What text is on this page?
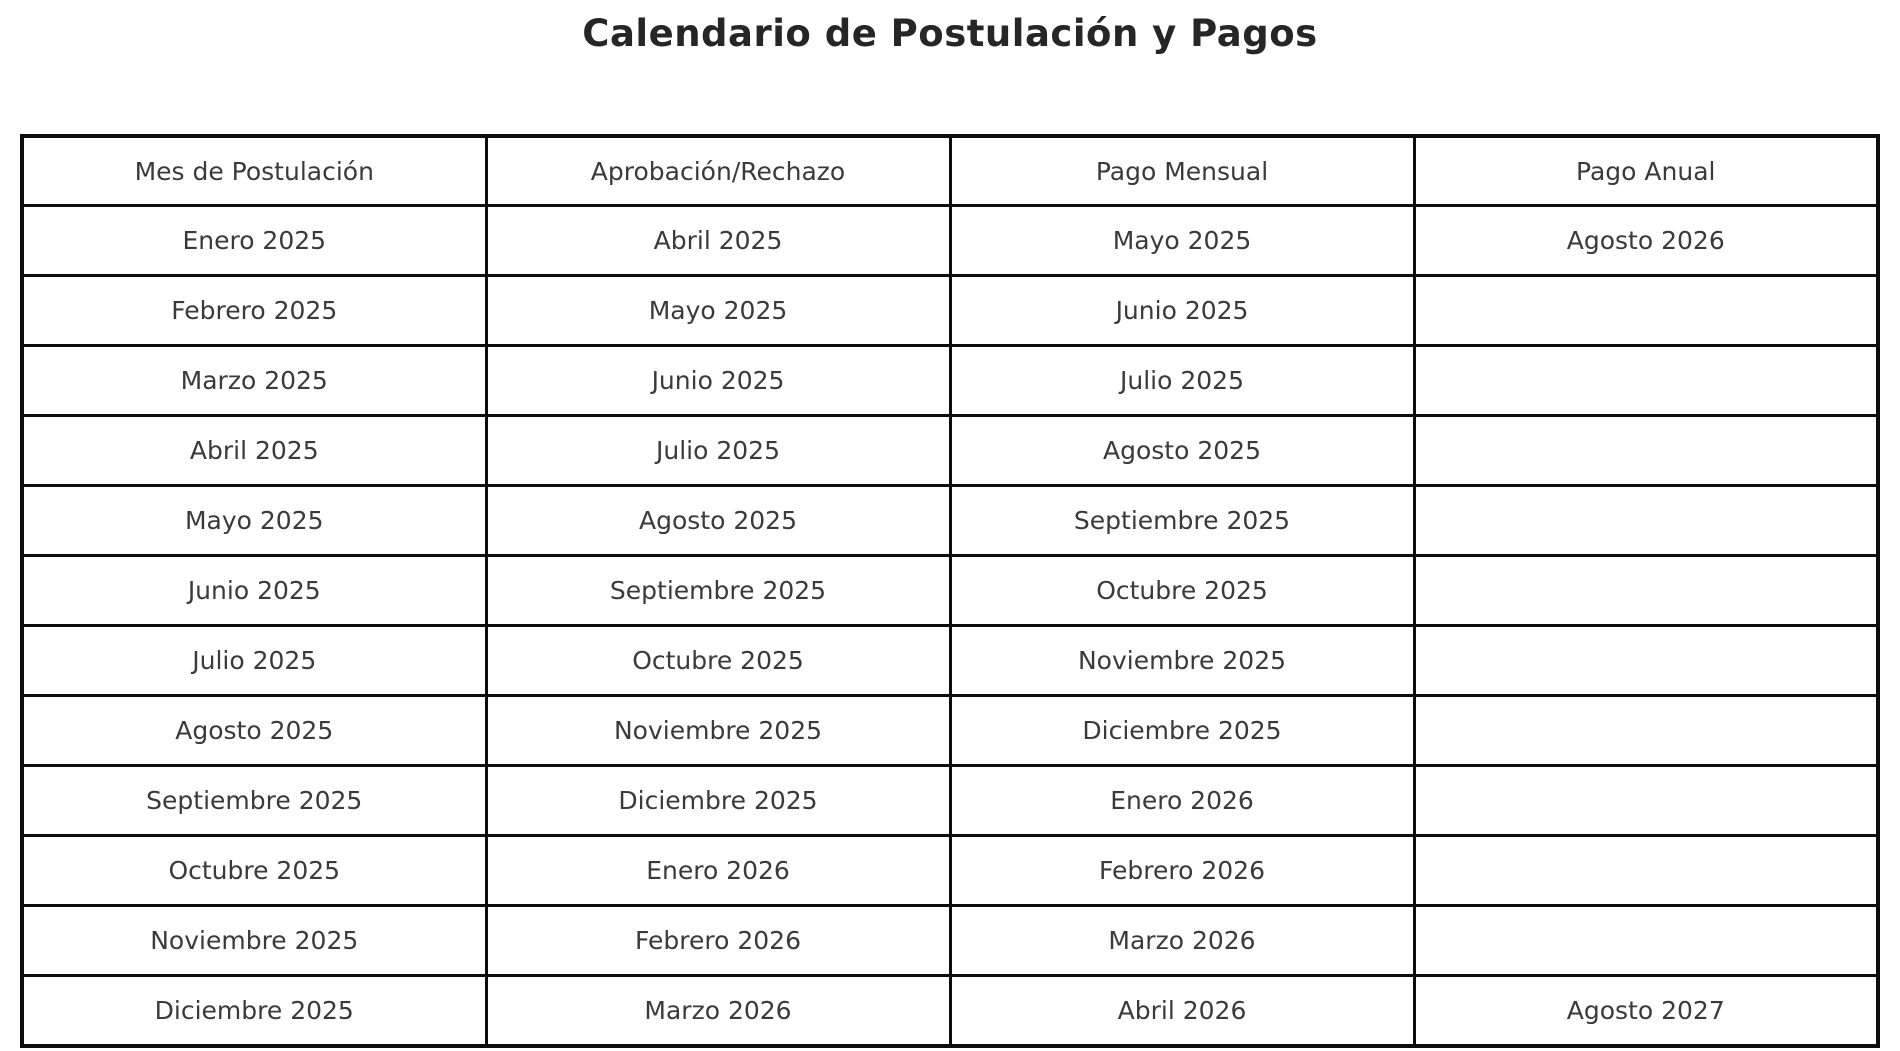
Calendario de Postulación y Pagos
Mes de Postulación	Aprobación/Rechazo	Pago Mensual	Pago Anual
Enero 2025	Abril 2025	Mayo 2025	Agosto 2026
Febrero 2025	Mayo 2025	Junio 2025	
Marzo 2025	Junio 2025	Julio 2025	
Abril 2025	Julio 2025	Agosto 2025	
Mayo 2025	Agosto 2025	Septiembre 2025	
Junio 2025	Septiembre 2025	Octubre 2025	
Julio 2025	Octubre 2025	Noviembre 2025	
Agosto 2025	Noviembre 2025	Diciembre 2025	
Septiembre 2025	Diciembre 2025	Enero 2026	
Octubre 2025	Enero 2026	Febrero 2026	
Noviembre 2025	Febrero 2026	Marzo 2026	
Diciembre 2025	Marzo 2026	Abril 2026	Agosto 2027
